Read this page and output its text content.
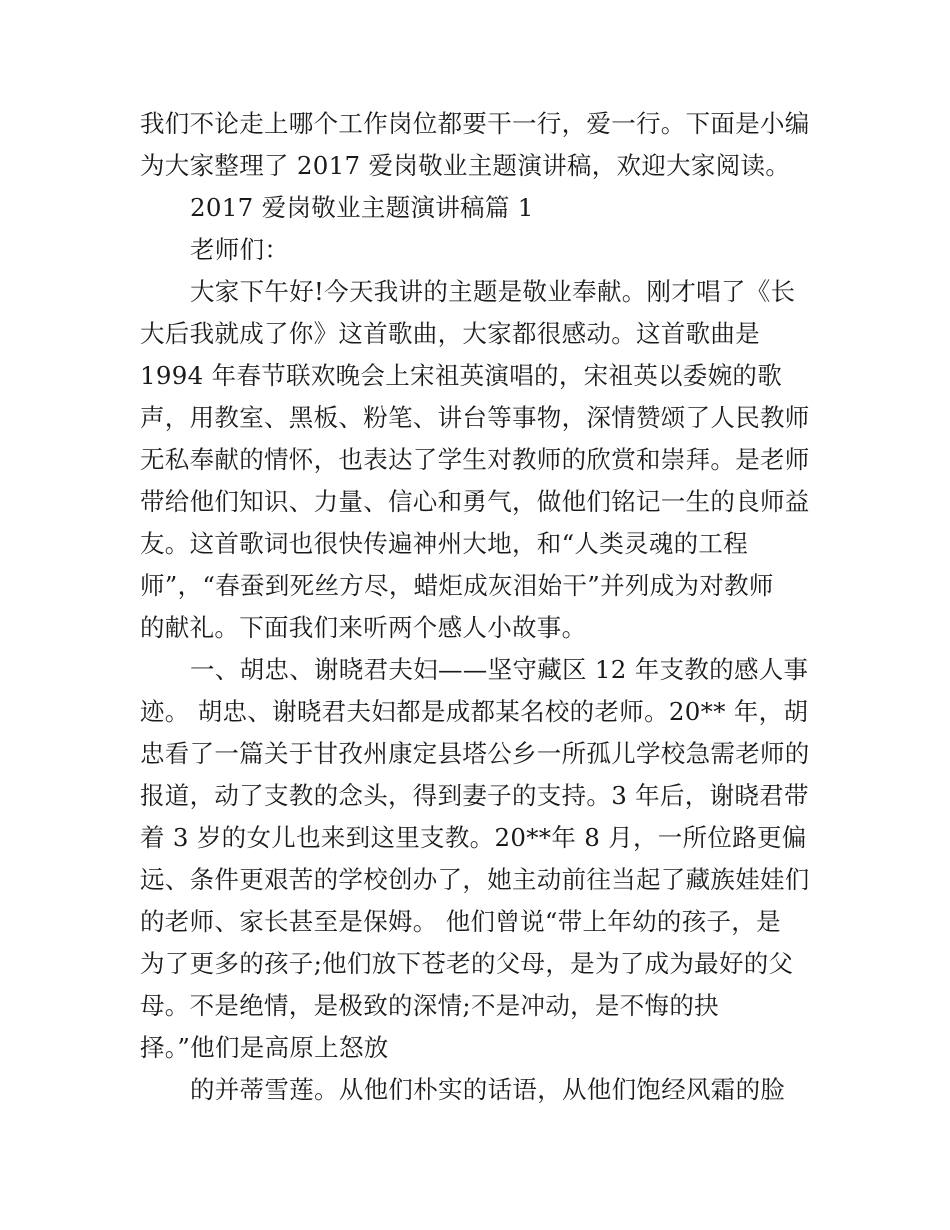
我们不论走上哪个工作岗位都要干一行，爱一行。下面是小编
为大家整理了 2017 爱岗敬业主题演讲稿，欢迎大家阅读。
2017 爱岗敬业主题演讲稿篇 1
老师们：
大家下午好!今天我讲的主题是敬业奉献。刚才唱了《长
大后我就成了你》这首歌曲，大家都很感动。这首歌曲是
1994 年春节联欢晚会上宋祖英演唱的，宋祖英以委婉的歌
声，用教室、黑板、粉笔、讲台等事物，深情赞颂了人民教师
无私奉献的情怀，也表达了学生对教师的欣赏和崇拜。是老师
带给他们知识、力量、信心和勇气，做他们铭记一生的良师益
友。这首歌词也很快传遍神州大地，和“人类灵魂的工程
师”，“春蚕到死丝方尽，蜡炬成灰泪始干”并列成为对教师
的献礼。下面我们来听两个感人小故事。
一、胡忠、谢晓君夫妇——坚守藏区 12 年支教的感人事
迹。 胡忠、谢晓君夫妇都是成都某名校的老师。20** 年，胡
忠看了一篇关于甘孜州康定县塔公乡一所孤儿学校急需老师的
报道，动了支教的念头，得到妻子的支持。3 年后，谢晓君带
着 3 岁的女儿也来到这里支教。20**年 8 月，一所位路更偏
远、条件更艰苦的学校创办了，她主动前往当起了藏族娃娃们
的老师、家长甚至是保姆。 他们曾说“带上年幼的孩子，是
为了更多的孩子;他们放下苍老的父母，是为了成为最好的父
母。不是绝情，是极致的深情;不是冲动，是不悔的抉
择。”他们是高原上怒放
的并蒂雪莲。从他们朴实的话语，从他们饱经风霜的脸
